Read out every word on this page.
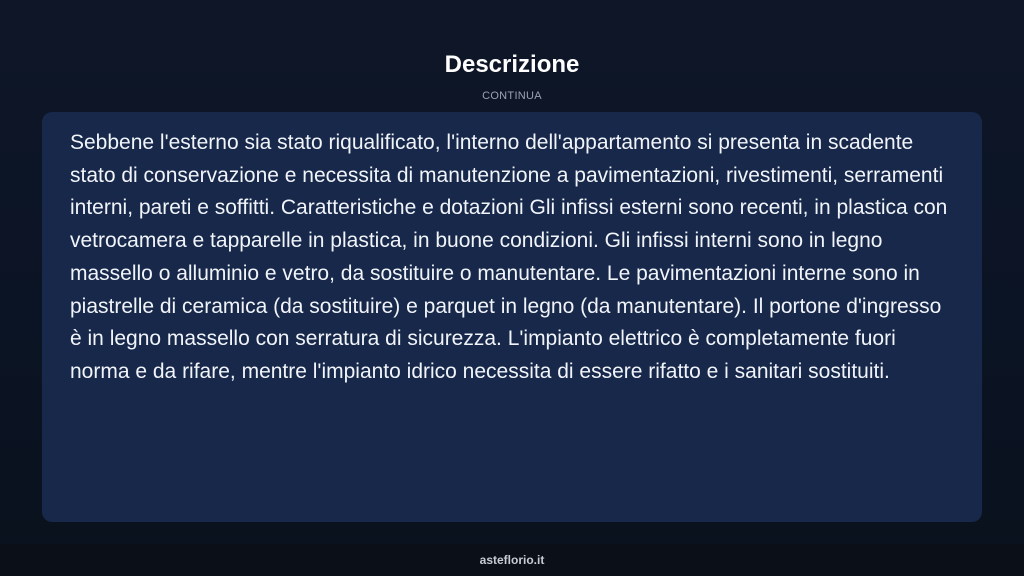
Descrizione
CONTINUA

Sebbene l'esterno sia stato riqualificato, l'interno dell'appartamento si presenta in scadente stato di conservazione e necessita di manutenzione a pavimentazioni, rivestimenti, serramenti interni, pareti e soffitti. Caratteristiche e dotazioni Gli infissi esterni sono recenti, in plastica con vetrocamera e tapparelle in plastica, in buone condizioni. Gli infissi interni sono in legno massello o alluminio e vetro, da sostituire o manutentare. Le pavimentazioni interne sono in piastrelle di ceramica (da sostituire) e parquet in legno (da manutentare). Il portone d'ingresso è in legno massello con serratura di sicurezza. L'impianto elettrico è completamente fuori norma e da rifare, mentre l'impianto idrico necessita di essere rifatto e i sanitari sostituiti.

asteflorio.it
